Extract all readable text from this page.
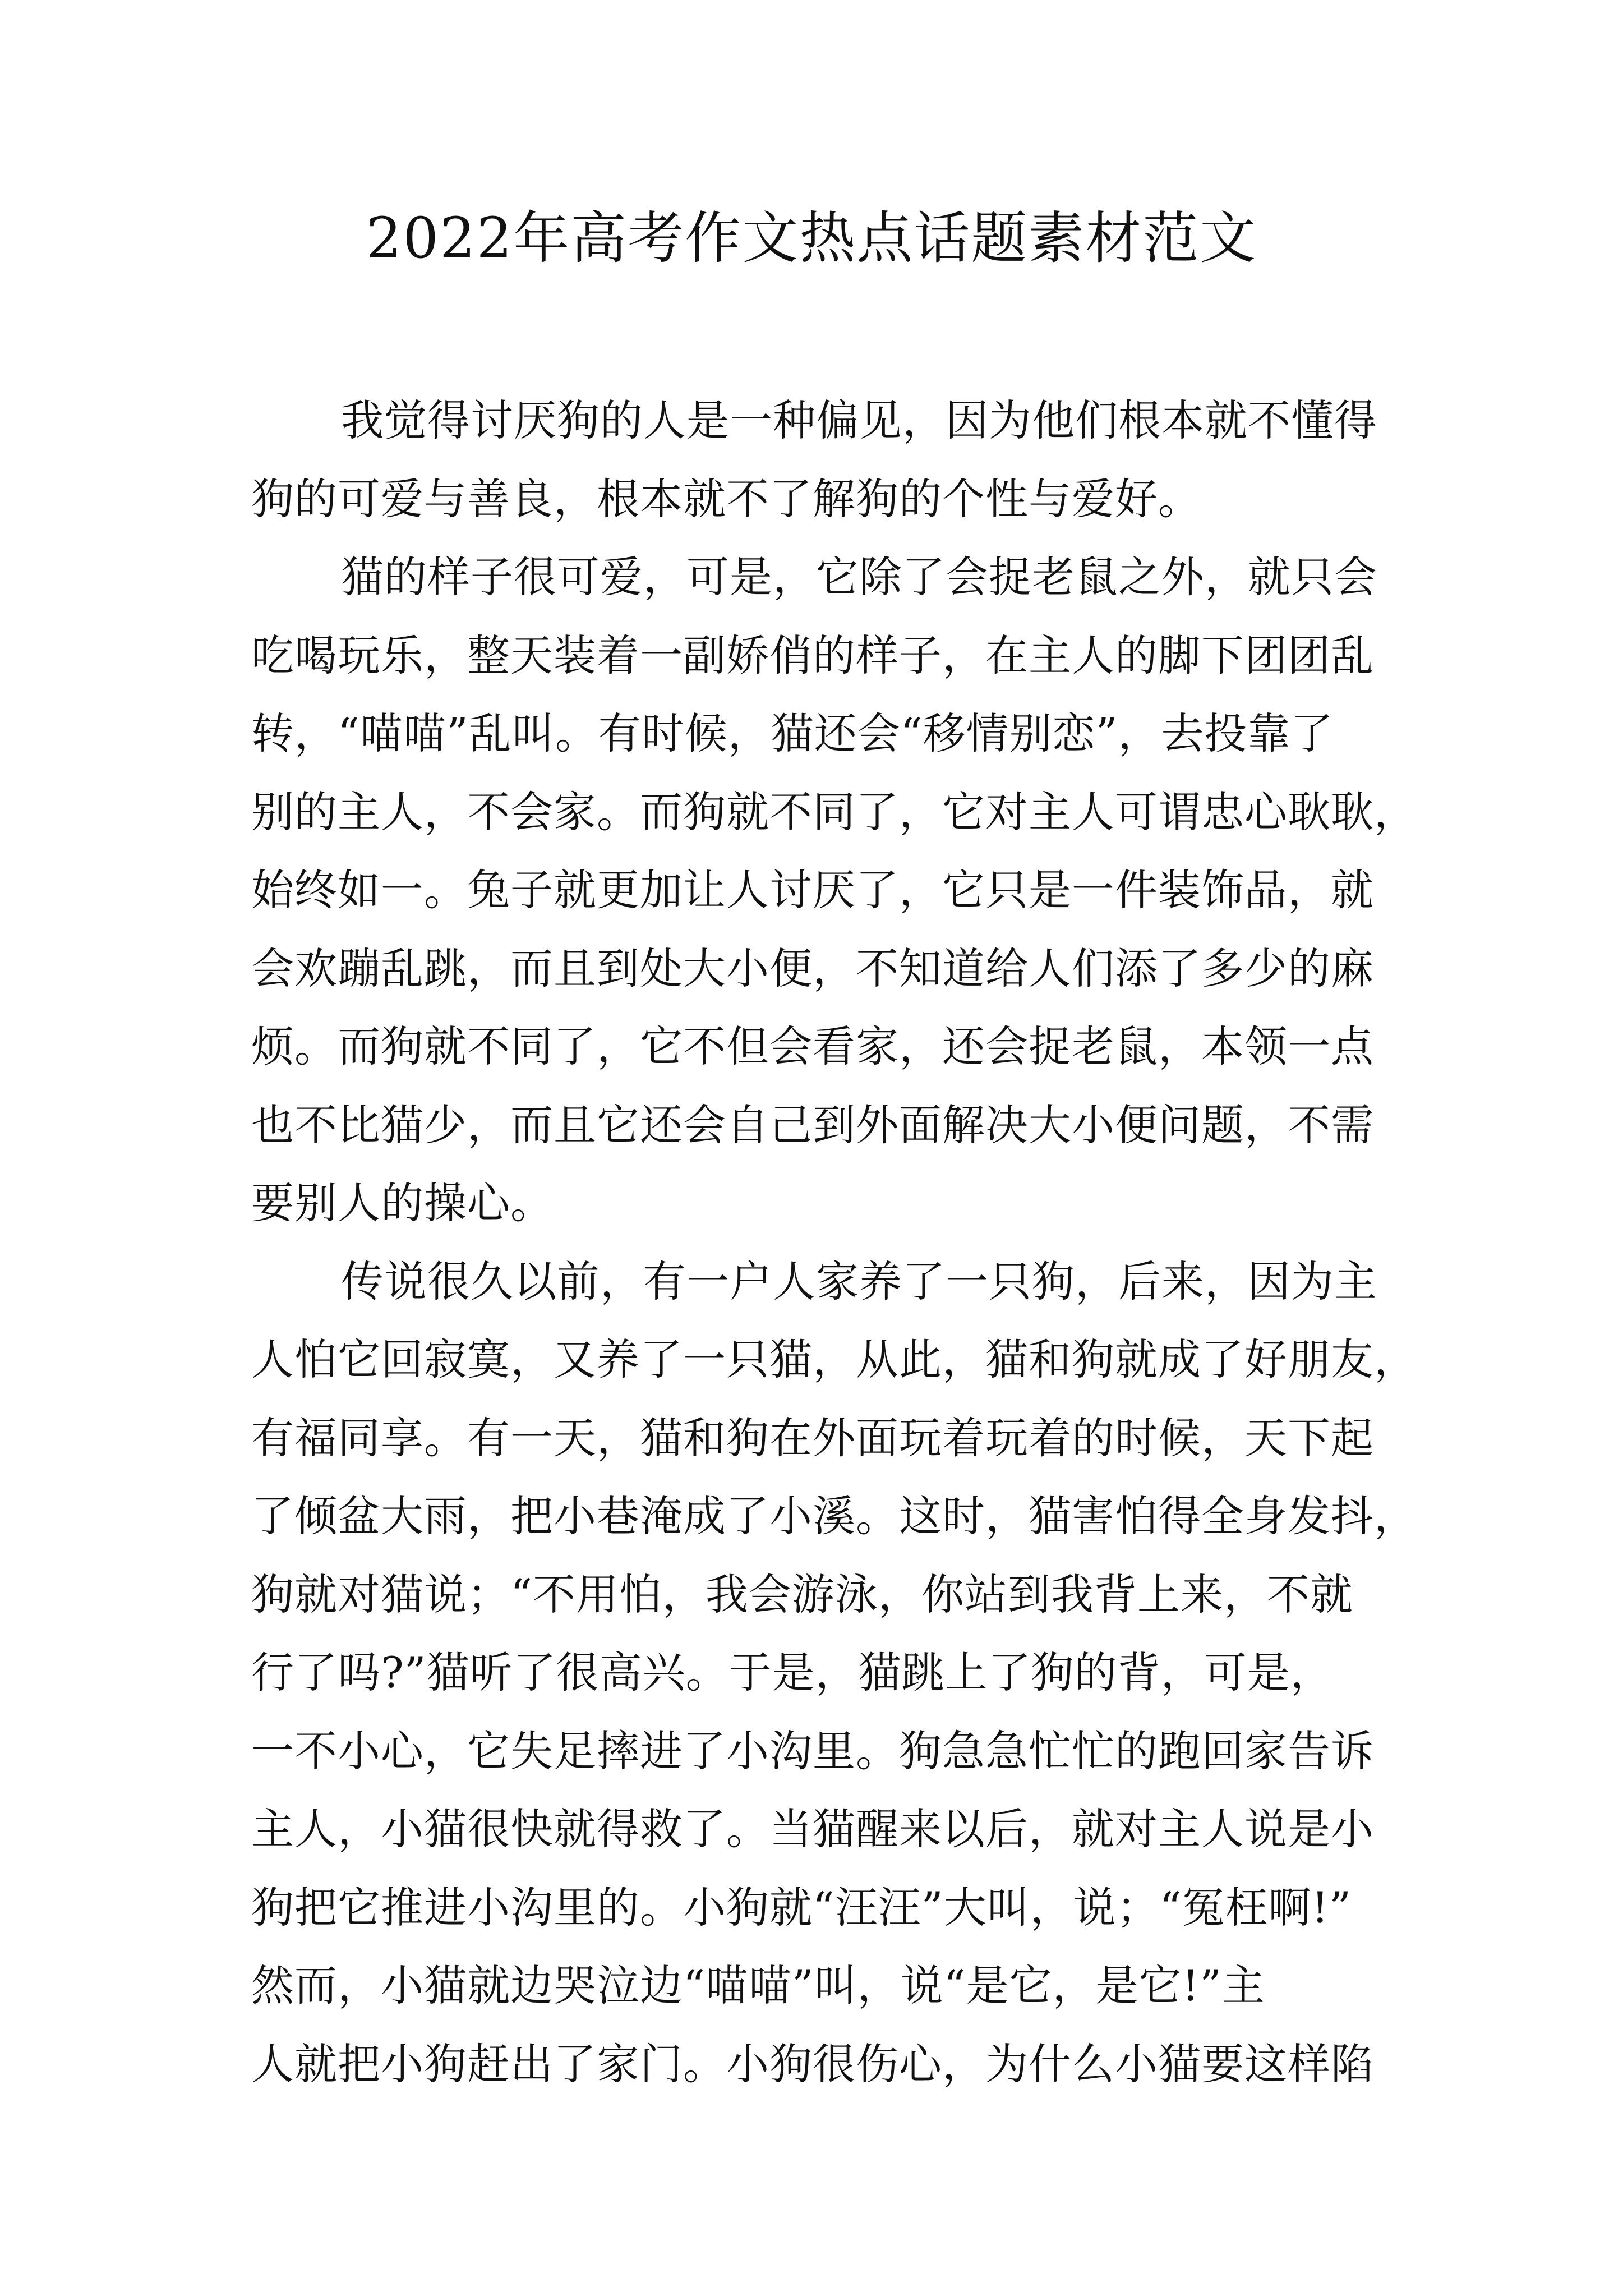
2022年高考作文热点话题素材范文
我觉得讨厌狗的人是一种偏见，因为他们根本就不懂得
狗的可爱与善良，根本就不了解狗的个性与爱好。
猫的样子很可爱，可是，它除了会捉老鼠之外，就只会
吃喝玩乐，整天装着一副娇俏的样子，在主人的脚下团团乱
转，“喵喵”乱叫。有时候，猫还会“移情别恋”，去投靠了
别的主人，不会家。而狗就不同了，它对主人可谓忠心耿耿，
始终如一。兔子就更加让人讨厌了，它只是一件装饰品，就
会欢蹦乱跳，而且到处大小便，不知道给人们添了多少的麻
烦。而狗就不同了，它不但会看家，还会捉老鼠，本领一点
也不比猫少，而且它还会自己到外面解决大小便问题，不需
要别人的操心。
传说很久以前，有一户人家养了一只狗，后来，因为主
人怕它回寂寞，又养了一只猫，从此，猫和狗就成了好朋友，
有福同享。有一天，猫和狗在外面玩着玩着的时候，天下起
了倾盆大雨，把小巷淹成了小溪。这时，猫害怕得全身发抖，
狗就对猫说；“不用怕，我会游泳，你站到我背上来，不就
行了吗?”猫听了很高兴。于是，猫跳上了狗的背，可是，
一不小心，它失足摔进了小沟里。狗急急忙忙的跑回家告诉
主人，小猫很快就得救了。当猫醒来以后，就对主人说是小
狗把它推进小沟里的。小狗就“汪汪”大叫，说；“冤枉啊!”
然而，小猫就边哭泣边“喵喵”叫，说“是它，是它!”主
人就把小狗赶出了家门。小狗很伤心，为什么小猫要这样陷
